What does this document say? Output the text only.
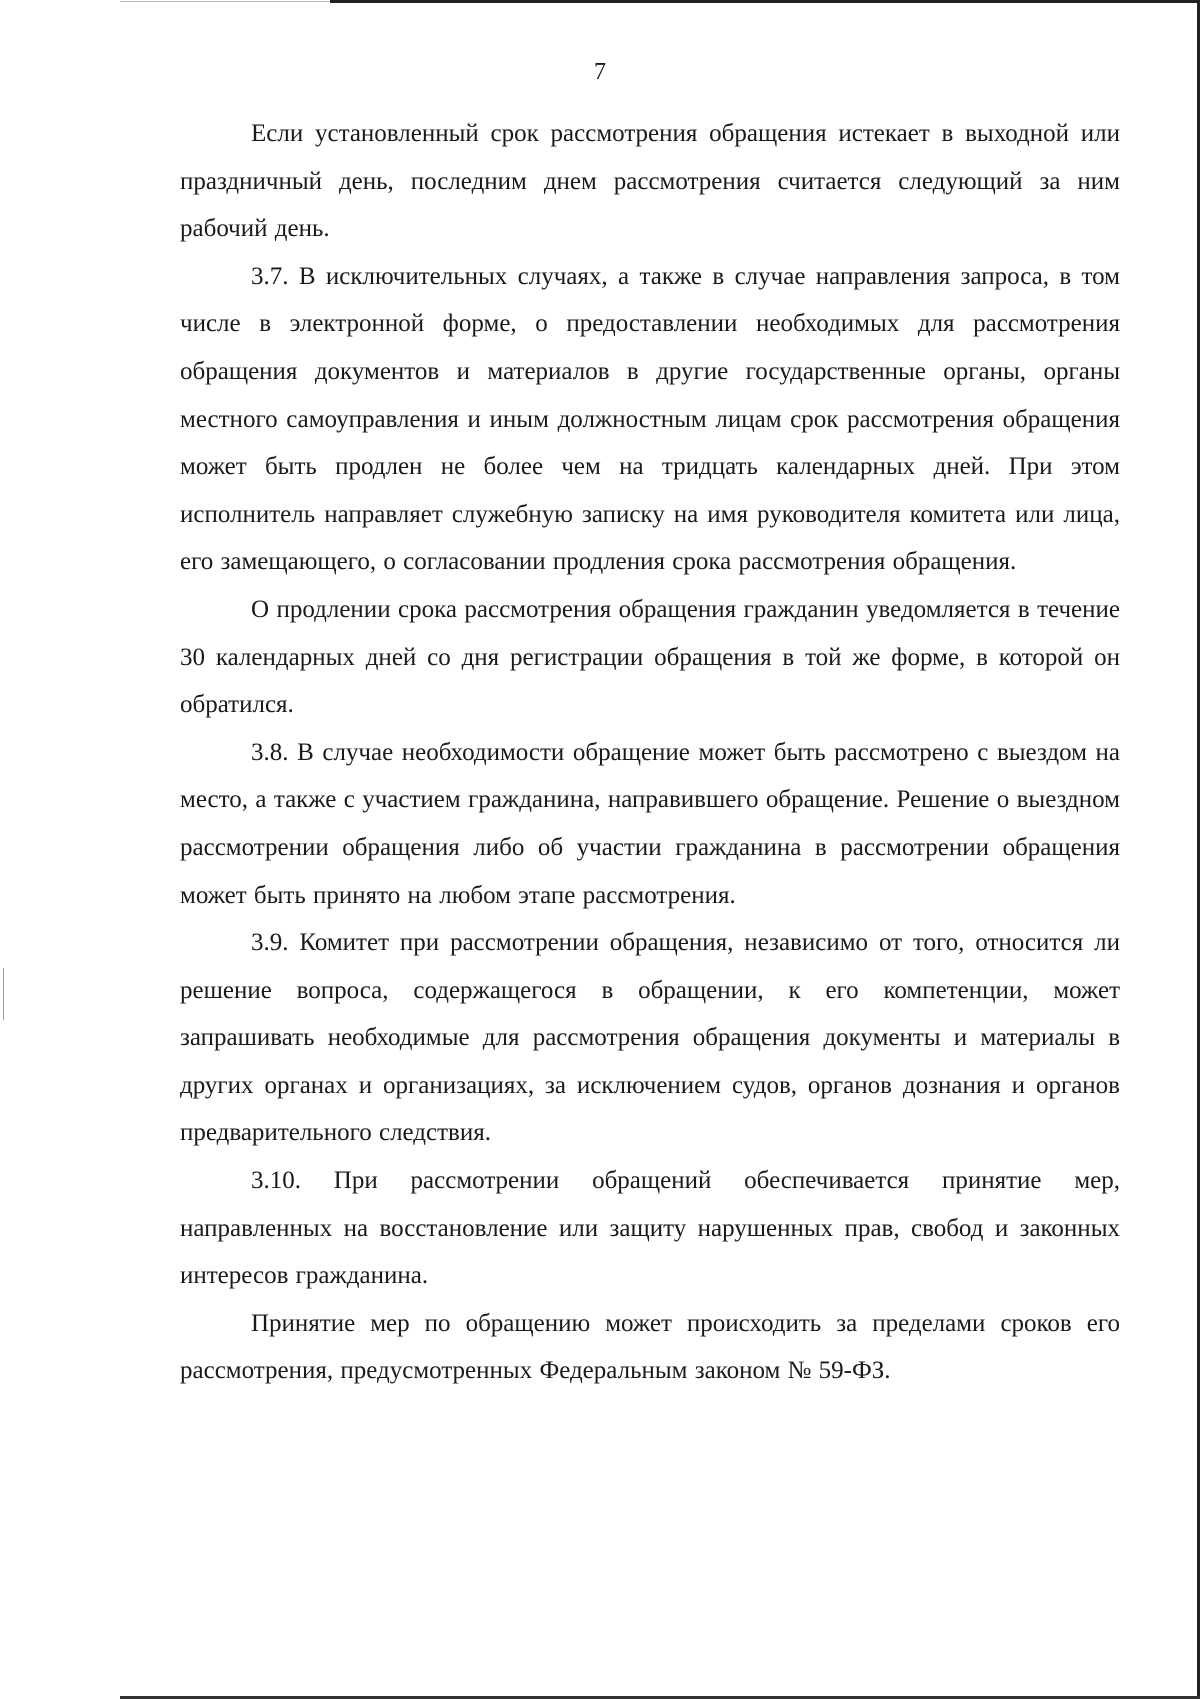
7

Если установленный срок рассмотрения обращения истекает в выходной или праздничный день, последним днем рассмотрения считается следующий за ним рабочий день.

3.7. В исключительных случаях, а также в случае направления запроса, в том числе в электронной форме, о предоставлении необходимых для рассмотрения обращения документов и материалов в другие государственные органы, органы местного самоуправления и иным должностным лицам срок рассмотрения обращения может быть продлен не более чем на тридцать календарных дней. При этом исполнитель направляет служебную записку на имя руководителя комитета или лица, его замещающего, о согласовании продления срока рассмотрения обращения.

О продлении срока рассмотрения обращения гражданин уведомляется в течение 30 календарных дней со дня регистрации обращения в той же форме, в которой он обратился.

3.8. В случае необходимости обращение может быть рассмотрено с выездом на место, а также с участием гражданина, направившего обращение. Решение о выездном рассмотрении обращения либо об участии гражданина в рассмотрении обращения может быть принято на любом этапе рассмотрения.

3.9. Комитет при рассмотрении обращения, независимо от того, относится ли решение вопроса, содержащегося в обращении, к его компетенции, может запрашивать необходимые для рассмотрения обращения документы и материалы в других органах и организациях, за исключением судов, органов дознания и органов предварительного следствия.

3.10. При рассмотрении обращений обеспечивается принятие мер, направленных на восстановление или защиту нарушенных прав, свобод и законных интересов гражданина.

Принятие мер по обращению может происходить за пределами сроков его рассмотрения, предусмотренных Федеральным законом № 59-ФЗ.
